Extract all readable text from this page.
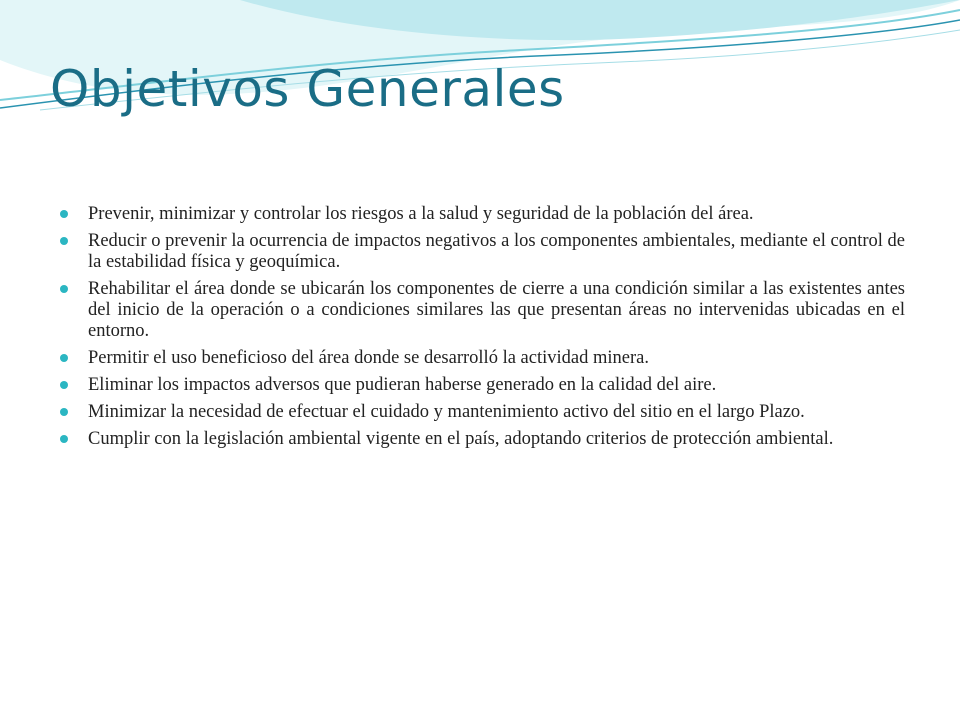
Objetivos Generales
Prevenir, minimizar y controlar los riesgos a la salud y seguridad de la población del área.
Reducir o prevenir la ocurrencia de impactos negativos a los componentes ambientales, mediante el control de la estabilidad física y geoquímica.
Rehabilitar el área donde se ubicarán los componentes de cierre a una condición similar a las existentes antes del inicio de la operación o a condiciones similares las que presentan áreas no intervenidas ubicadas en el entorno.
Permitir el uso beneficioso del área donde se desarrolló la actividad minera.
Eliminar los impactos adversos que pudieran haberse generado en la calidad del aire.
Minimizar la necesidad de efectuar el cuidado y mantenimiento activo del sitio en el largo Plazo.
Cumplir con la legislación ambiental vigente en el país, adoptando criterios de protección ambiental.
